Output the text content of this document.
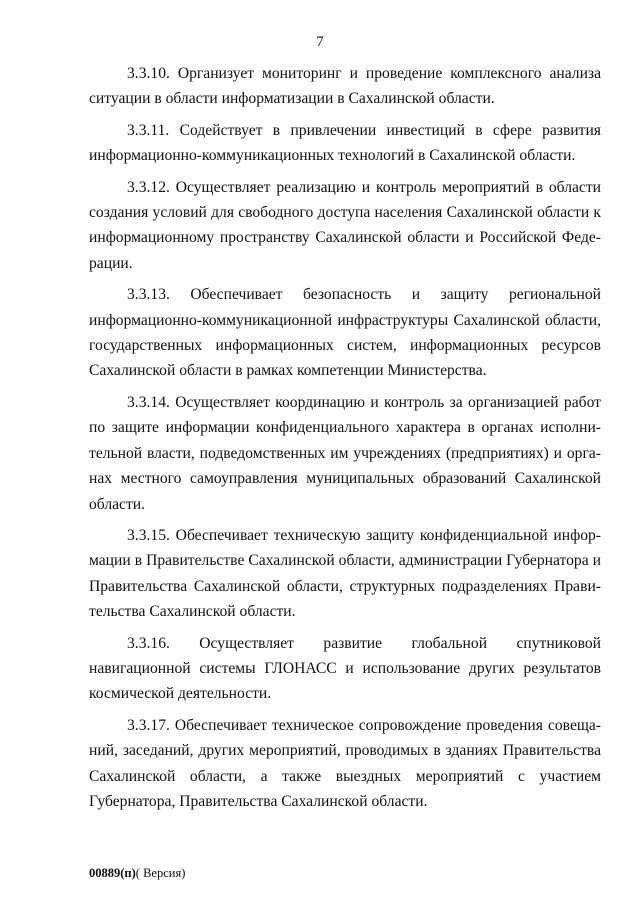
7

3.3.10. Организует мониторинг и проведение комплексного анализа ситуации в области информатизации в Сахалинской области.

3.3.11. Содействует в привлечении инвестиций в сфере развития информационно-коммуникационных технологий в Сахалинской области.

3.3.12. Осуществляет реализацию и контроль мероприятий в области создания условий для свободного доступа населения Сахалинской области к информационному пространству Сахалинской области и Российской Федерации.

3.3.13. Обеспечивает безопасность и защиту региональной информационно-коммуникационной инфраструктуры Сахалинской области, государственных информационных систем, информационных ресурсов Сахалинской области в рамках компетенции Министерства.

3.3.14. Осуществляет координацию и контроль за организацией работ по защите информации конфиденциального характера в органах исполнительной власти, подведомственных им учреждениях (предприятиях) и органах местного самоуправления муниципальных образований Сахалинской области.

3.3.15. Обеспечивает техническую защиту конфиденциальной информации в Правительстве Сахалинской области, администрации Губернатора и Правительства Сахалинской области, структурных подразделениях Правительства Сахалинской области.

3.3.16. Осуществляет развитие глобальной спутниковой навигационной системы ГЛОНАСС и использование других результатов космической деятельности.

3.3.17. Обеспечивает техническое сопровождение проведения совещаний, заседаний, других мероприятий, проводимых в зданиях Правительства Сахалинской области, а также выездных мероприятий с участием Губернатора, Правительства Сахалинской области.

00889(п)( Версия)
